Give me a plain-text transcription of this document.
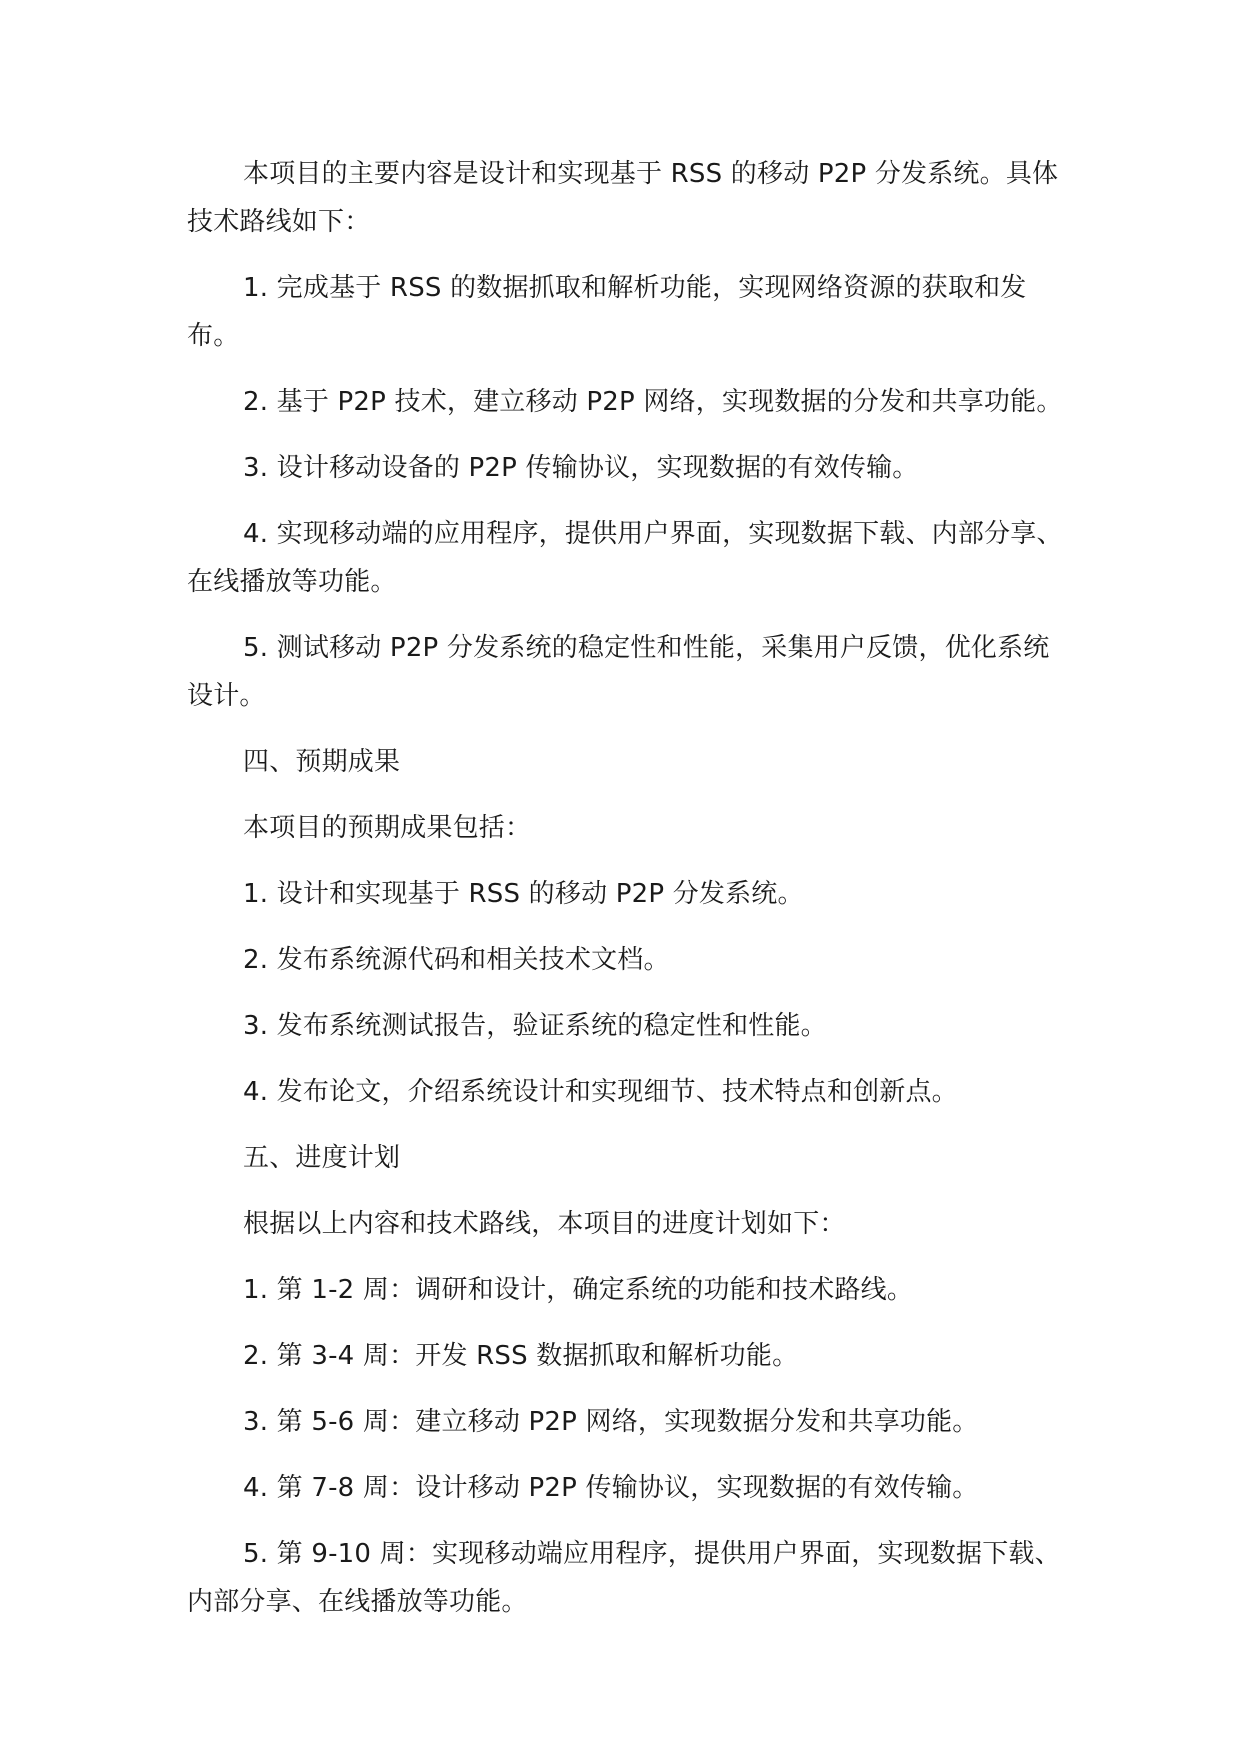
本项目的主要内容是设计和实现基于 RSS 的移动 P2P 分发系统。具体技术路线如下：

1. 完成基于 RSS 的数据抓取和解析功能，实现网络资源的获取和发布。

2. 基于 P2P 技术，建立移动 P2P 网络，实现数据的分发和共享功能。

3. 设计移动设备的 P2P 传输协议，实现数据的有效传输。

4. 实现移动端的应用程序，提供用户界面，实现数据下载、内部分享、在线播放等功能。

5. 测试移动 P2P 分发系统的稳定性和性能，采集用户反馈，优化系统设计。

四、预期成果

本项目的预期成果包括：

1. 设计和实现基于 RSS 的移动 P2P 分发系统。

2. 发布系统源代码和相关技术文档。

3. 发布系统测试报告，验证系统的稳定性和性能。

4. 发布论文，介绍系统设计和实现细节、技术特点和创新点。

五、进度计划

根据以上内容和技术路线，本项目的进度计划如下：

1. 第 1-2 周：调研和设计，确定系统的功能和技术路线。

2. 第 3-4 周：开发 RSS 数据抓取和解析功能。

3. 第 5-6 周：建立移动 P2P 网络，实现数据分发和共享功能。

4. 第 7-8 周：设计移动 P2P 传输协议，实现数据的有效传输。

5. 第 9-10 周：实现移动端应用程序，提供用户界面，实现数据下载、内部分享、在线播放等功能。
